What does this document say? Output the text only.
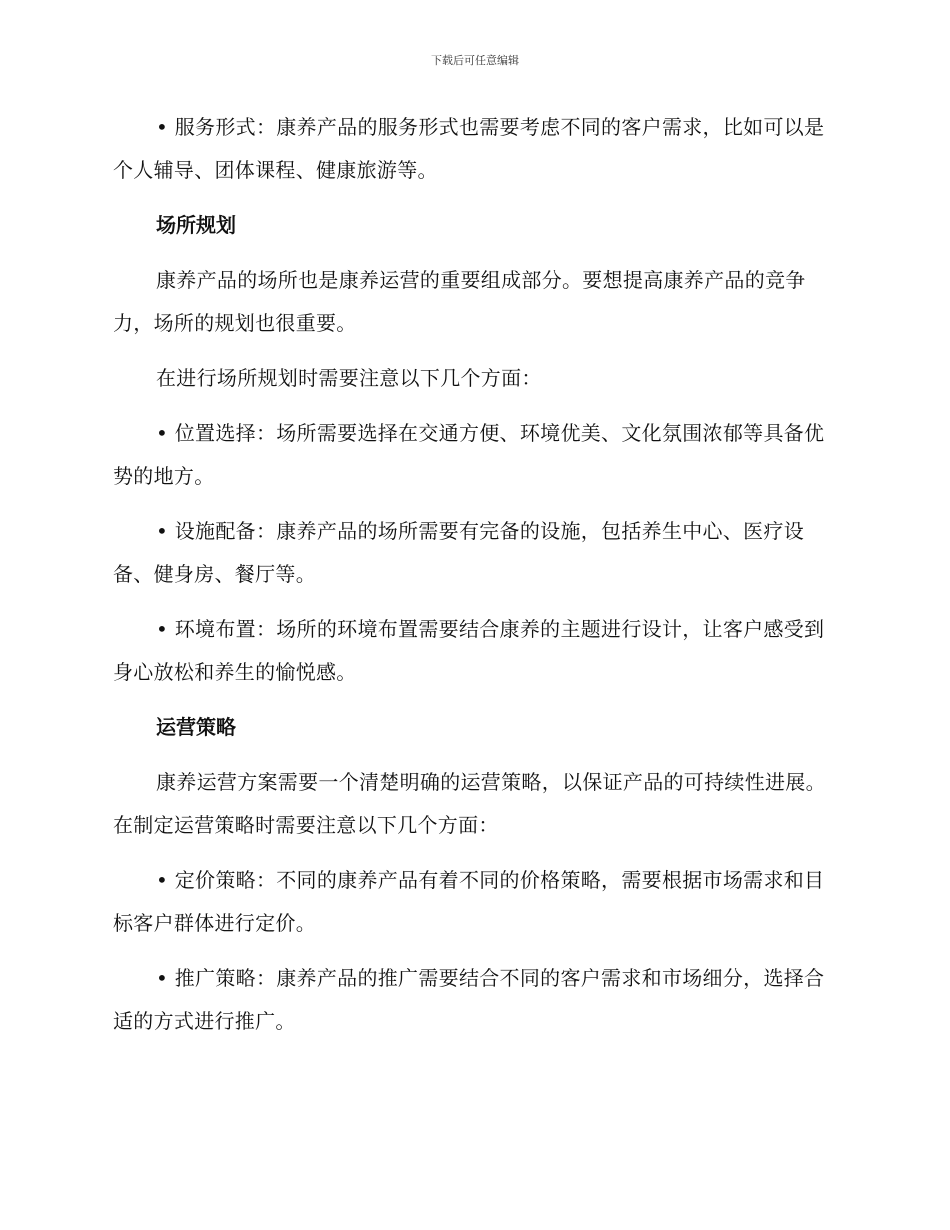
下载后可任意编辑

• 服务形式：康养产品的服务形式也需要考虑不同的客户需求，比如可以是个人辅导、团体课程、健康旅游等。

场所规划

康养产品的场所也是康养运营的重要组成部分。要想提高康养产品的竞争力，场所的规划也很重要。

在进行场所规划时需要注意以下几个方面：

• 位置选择：场所需要选择在交通方便、环境优美、文化氛围浓郁等具备优势的地方。

• 设施配备：康养产品的场所需要有完备的设施，包括养生中心、医疗设备、健身房、餐厅等。

• 环境布置：场所的环境布置需要结合康养的主题进行设计，让客户感受到身心放松和养生的愉悦感。

运营策略

康养运营方案需要一个清楚明确的运营策略，以保证产品的可持续性进展。在制定运营策略时需要注意以下几个方面：

• 定价策略：不同的康养产品有着不同的价格策略，需要根据市场需求和目标客户群体进行定价。

• 推广策略：康养产品的推广需要结合不同的客户需求和市场细分，选择合适的方式进行推广。
